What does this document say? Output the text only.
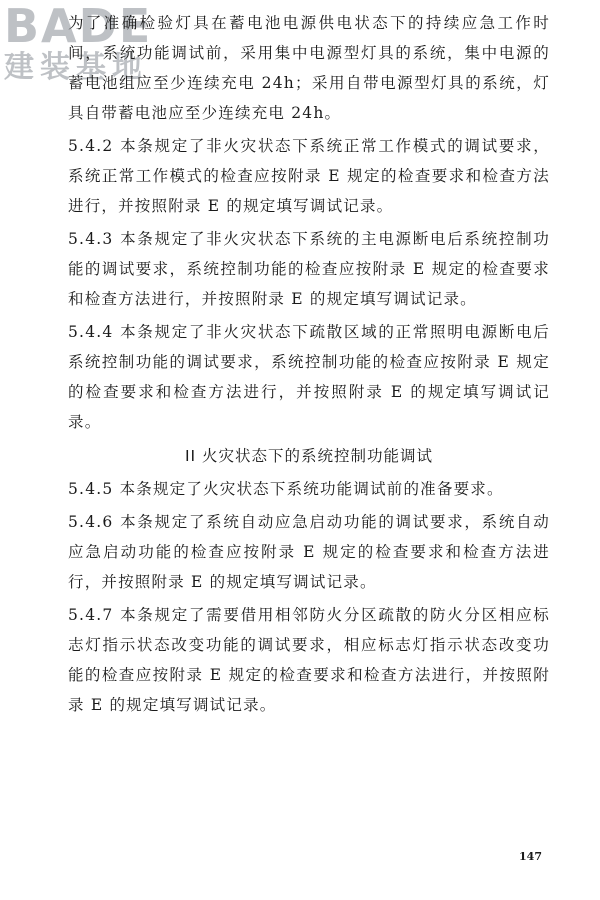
BADE
建装基地

为了准确检验灯具在蓄电池电源供电状态下的持续应急工作时间，系统功能调试前，采用集中电源型灯具的系统，集中电源的蓄电池组应至少连续充电 24h；采用自带电源型灯具的系统，灯具自带蓄电池应至少连续充电 24h。

5.4.2 本条规定了非火灾状态下系统正常工作模式的调试要求，系统正常工作模式的检查应按附录 E 规定的检查要求和检查方法进行，并按照附录 E 的规定填写调试记录。

5.4.3 本条规定了非火灾状态下系统的主电源断电后系统控制功能的调试要求，系统控制功能的检查应按附录 E 规定的检查要求和检查方法进行，并按照附录 E 的规定填写调试记录。

5.4.4 本条规定了非火灾状态下疏散区域的正常照明电源断电后系统控制功能的调试要求，系统控制功能的检查应按附录 E 规定的检查要求和检查方法进行，并按照附录 E 的规定填写调试记录。

II 火灾状态下的系统控制功能调试

5.4.5 本条规定了火灾状态下系统功能调试前的准备要求。

5.4.6 本条规定了系统自动应急启动功能的调试要求，系统自动应急启动功能的检查应按附录 E 规定的检查要求和检查方法进行，并按照附录 E 的规定填写调试记录。

5.4.7 本条规定了需要借用相邻防火分区疏散的防火分区相应标志灯指示状态改变功能的调试要求，相应标志灯指示状态改变功能的检查应按附录 E 规定的检查要求和检查方法进行，并按照附录 E 的规定填写调试记录。

147
